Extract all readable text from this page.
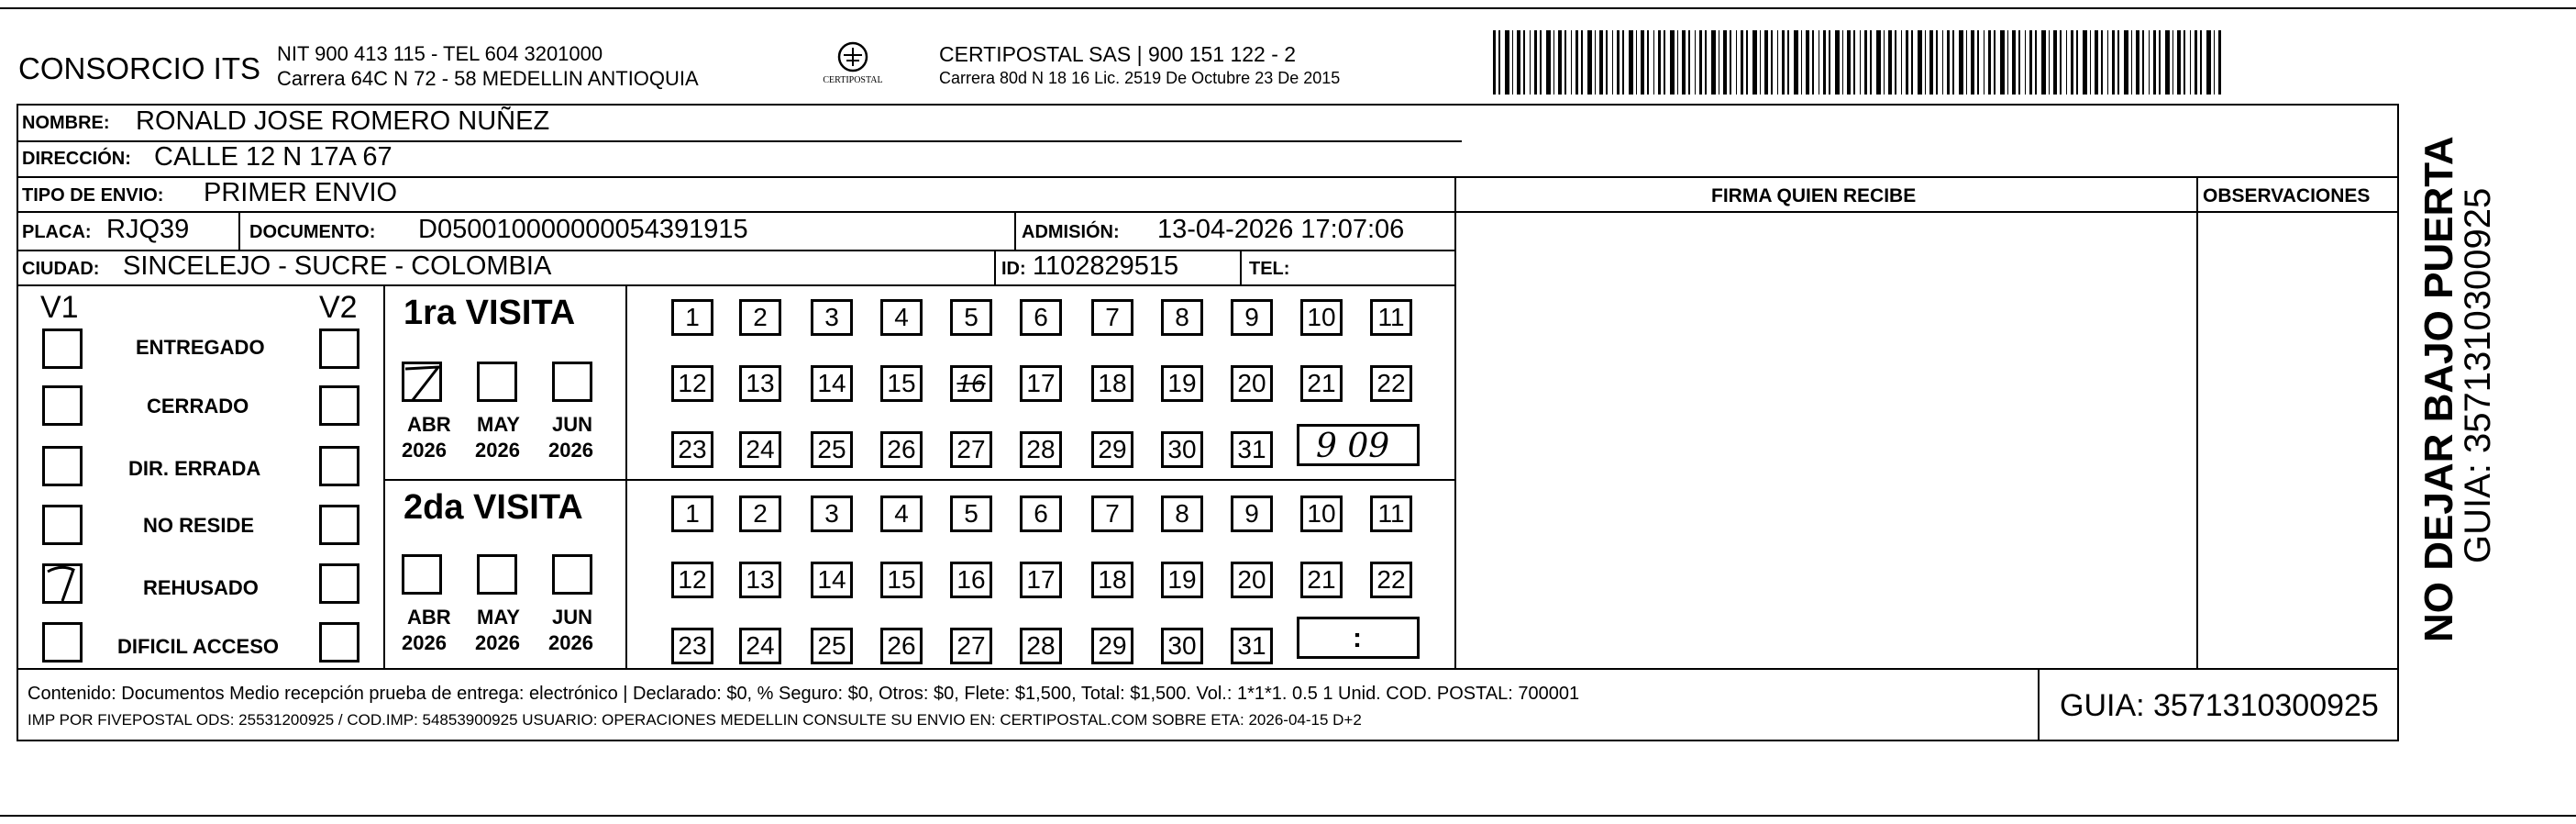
CONSORCIO ITS NIT 900 413 115 - TEL 604 3201000
Carrera 64C N 72 - 58 MEDELLIN ANTIOQUIA	CERTIPOSTAL
CERTIPOSTAL SAS | 900 151 122 - 2
Carrera 80d N 18 16 Lic. 2519 De Octubre 23 De 2015
NOMBRE: RONALD JOSE ROMERO NUÑEZ
DIRECCIÓN: CALLE 12 N 17A 67
TIPO DE ENVIO: PRIMER ENVIO	FIRMA QUIEN RECIBE	OBSERVACIONES
PLACA: RJQ39	DOCUMENTO: D050010000000054391915	ADMISIÓN: 13-04-2026 17:07:06
CIUDAD: SINCELEJO - SUCRE - COLOMBIA	ID: 1102829515	TEL:
V1	V2
ENTREGADO
CERRADO
DIR. ERRADA
NO RESIDE
REHUSADO
DIFICIL ACCESO
1ra VISITA
ABR
2026
MAY
2026
JUN
2026
1	2	3	4	5	6	7	8	9	10	11
12 13 14 15 16 17 18 19 20 21 22
23 24 25 26 27 28 29 30 31 9 09
2da VISITA
ABR
2026
MAY
2026
JUN
2026
1	2	3	4	5	6	7	8	9	10	11
12 13 14 15 16 17 18 19 20 21 22
23 24 25 26 27 28 29 30 31	:
Contenido: Documentos Medio recepción prueba de entrega: electrónico | Declarado: $0, % Seguro: $0, Otros: $0, Flete: $1,500, Total: $1,500. Vol.: 1*1*1. 0.5 1 Unid. COD. POSTAL: 700001
IMP POR FIVEPOSTAL ODS: 25531200925 / COD.IMP: 54853900925 USUARIO: OPERACIONES MEDELLIN CONSULTE SU ENVIO EN: CERTIPOSTAL.COM SOBRE ETA: 2026-04-15 D+2	GUIA: 3571310300925
NO DEJAR BAJO PUERTA
GUIA: 3571310300925
